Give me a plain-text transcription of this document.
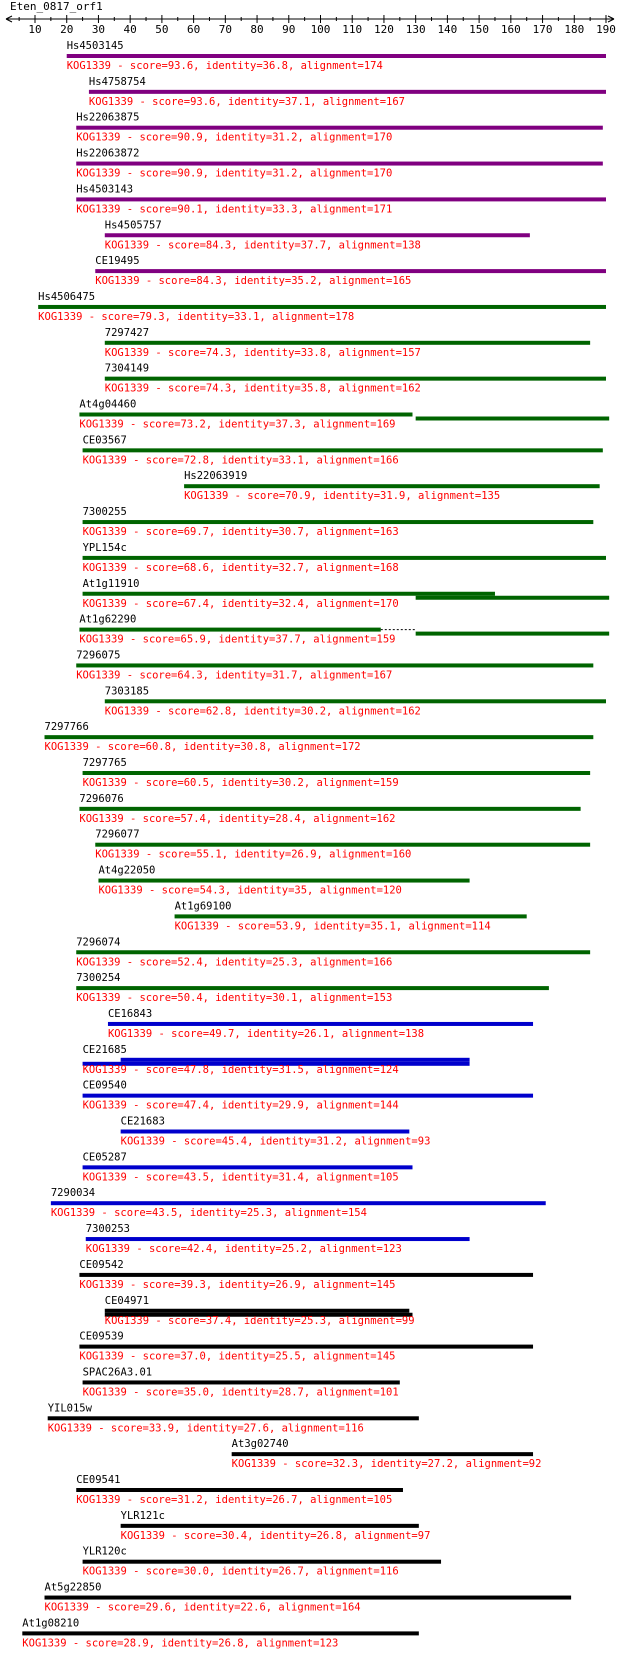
Eten_0817_orf1
10 20 30 40 50 60 70 80 90 100 110 120 130 140 150 160 170 180 190
Hs4503145
KOG1339 - score=93.6, identity=36.8, alignment=174
Hs4758754
KOG1339 - score=93.6, identity=37.1, alignment=167
Hs22063875
KOG1339 - score=90.9, identity=31.2, alignment=170
Hs22063872
KOG1339 - score=90.9, identity=31.2, alignment=170
Hs4503143
KOG1339 - score=90.1, identity=33.3, alignment=171
Hs4505757
KOG1339 - score=84.3, identity=37.7, alignment=138
CE19495
KOG1339 - score=84.3, identity=35.2, alignment=165
Hs4506475
KOG1339 - score=79.3, identity=33.1, alignment=178
7297427
KOG1339 - score=74.3, identity=33.8, alignment=157
7304149
KOG1339 - score=74.3, identity=35.8, alignment=162
At4g04460
KOG1339 - score=73.2, identity=37.3, alignment=169
CE03567
KOG1339 - score=72.8, identity=33.1, alignment=166
Hs22063919
KOG1339 - score=70.9, identity=31.9, alignment=135
7300255
KOG1339 - score=69.7, identity=30.7, alignment=163
YPL154c
KOG1339 - score=68.6, identity=32.7, alignment=168
At1g11910
KOG1339 - score=67.4, identity=32.4, alignment=170
At1g62290
KOG1339 - score=65.9, identity=37.7, alignment=159
7296075
KOG1339 - score=64.3, identity=31.7, alignment=167
7303185
KOG1339 - score=62.8, identity=30.2, alignment=162
7297766
KOG1339 - score=60.8, identity=30.8, alignment=172
7297765
KOG1339 - score=60.5, identity=30.2, alignment=159
7296076
KOG1339 - score=57.4, identity=28.4, alignment=162
7296077
KOG1339 - score=55.1, identity=26.9, alignment=160
At4g22050
KOG1339 - score=54.3, identity=35, alignment=120
At1g69100
KOG1339 - score=53.9, identity=35.1, alignment=114
7296074
KOG1339 - score=52.4, identity=25.3, alignment=166
7300254
KOG1339 - score=50.4, identity=30.1, alignment=153
CE16843
KOG1339 - score=49.7, identity=26.1, alignment=138
CE21685
KOG1339 - score=47.8, identity=31.5, alignment=124
CE09540
KOG1339 - score=47.4, identity=29.9, alignment=144
CE21683
KOG1339 - score=45.4, identity=31.2, alignment=93
CE05287
KOG1339 - score=43.5, identity=31.4, alignment=105
7290034
KOG1339 - score=43.5, identity=25.3, alignment=154
7300253
KOG1339 - score=42.4, identity=25.2, alignment=123
CE09542
KOG1339 - score=39.3, identity=26.9, alignment=145
CE04971
KOG1339 - score=37.4, identity=25.3, alignment=99
CE09539
KOG1339 - score=37.0, identity=25.5, alignment=145
SPAC26A3.01
KOG1339 - score=35.0, identity=28.7, alignment=101
YIL015w
KOG1339 - score=33.9, identity=27.6, alignment=116
At3g02740
KOG1339 - score=32.3, identity=27.2, alignment=92
CE09541
KOG1339 - score=31.2, identity=26.7, alignment=105
YLR121c
KOG1339 - score=30.4, identity=26.8, alignment=97
YLR120c
KOG1339 - score=30.0, identity=26.7, alignment=116
At5g22850
KOG1339 - score=29.6, identity=22.6, alignment=164
At1g08210
KOG1339 - score=28.9, identity=26.8, alignment=123
